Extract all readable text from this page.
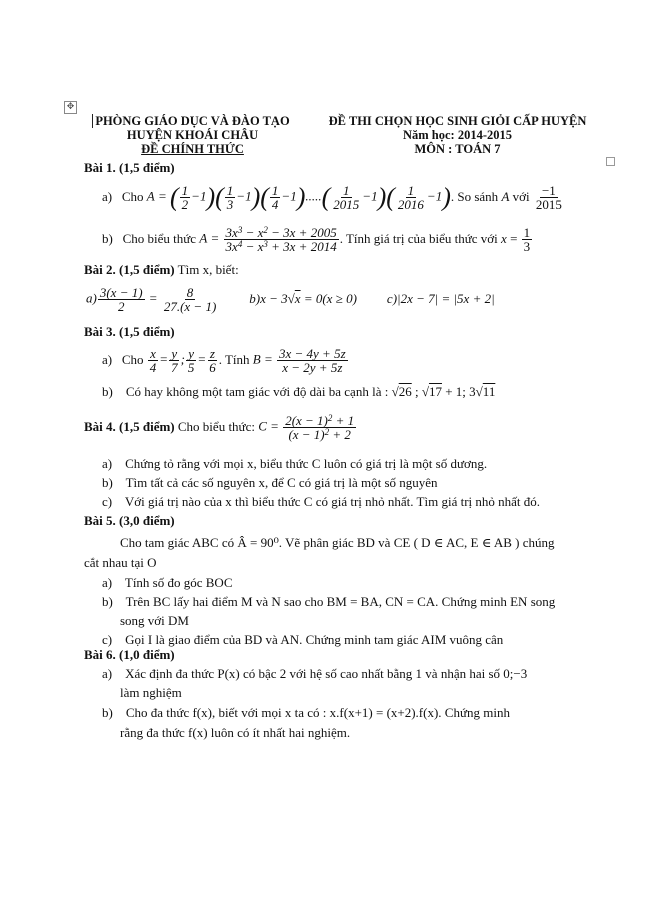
✥
PHÒNG GIÁO DỤC VÀ ĐÀO TẠO
HUYỆN KHOÁI CHÂU
ĐỀ CHÍNH THỨC
ĐỀ THI CHỌN HỌC SINH GIỎI CẤP HUYỆN
Năm học: 2014-2015
MÔN : TOÁN 7
Bài 1. (1,5 điểm)
a)
Cho
A = ( $\frac{1}{2} -1)( \frac{1}{3} -1)( \frac{1}{4} -1).....( \frac{1}{2015} -1)( \frac{1}{2016} -1)$ . So sánh
A
với
$\frac{-1}{2015}$
b)
Cho biểu thức
$A = \frac{3x^3 - x^2 - 3x + 2005}{3x^4 - x^3 + 3x + 2014}$ . Tính giá trị của biểu thức với
$x = \frac{1}{3}$
Bài 2. (1,5 điểm) Tìm x, biết:
$a) \frac{3(x - 1)}{2} = \frac{8}{27.(x - 1)} b)x - 3√x = 0(x \ge 0)$ c)|2x − 7| = |5x + 2|
Bài 3. (1,5 điểm)
a)
Cho
$\frac{x}{4} = \frac{y}{7}$ ; $\frac{y}{5} = \frac{z}{6}$ . Tính
$B = \frac{3x - 4y + 5z}{x - 2y + 5z}$
b) Có hay không một tam giác với độ dài ba cạnh là : √26 ; √17 + 1; 3√11
Bài 4. (1,5 điểm)
Cho biểu thức:
$C = \frac{2(x - 1)^2 + 1}{(x - 1)^2 + 2}$
a) Chứng tỏ rằng với mọi x, biểu thức C luôn có giá trị là một số dương.
b) Tìm tất cả các số nguyên x, để C có giá trị là một số nguyên
c) Với giá trị nào của x thì biểu thức C có giá trị nhỏ nhất. Tìm giá trị nhỏ nhất đó.
Bài 5. (3,0 điểm)
Cho tam giác ABC có Â = 90⁰. Vẽ phân giác BD và CE ( D ∈ AC, E ∈ AB ) chúng
cắt nhau tại O
a) Tính số đo góc BOC
b) Trên BC lấy hai điểm M và N sao cho BM = BA, CN = CA. Chứng minh EN song
song với DM
c) Gọi I là giao điểm của BD và AN. Chứng minh tam giác AIM vuông cân
Bài 6. (1,0 điểm)
a) Xác định đa thức P(x) có bậc 2 với hệ số cao nhất bằng 1 và nhận hai số 0;−3
làm nghiệm
b) Cho đa thức f(x), biết với mọi x ta có : x.f(x+1) = (x+2).f(x). Chứng minh
rằng đa thức f(x) luôn có ít nhất hai nghiệm.
